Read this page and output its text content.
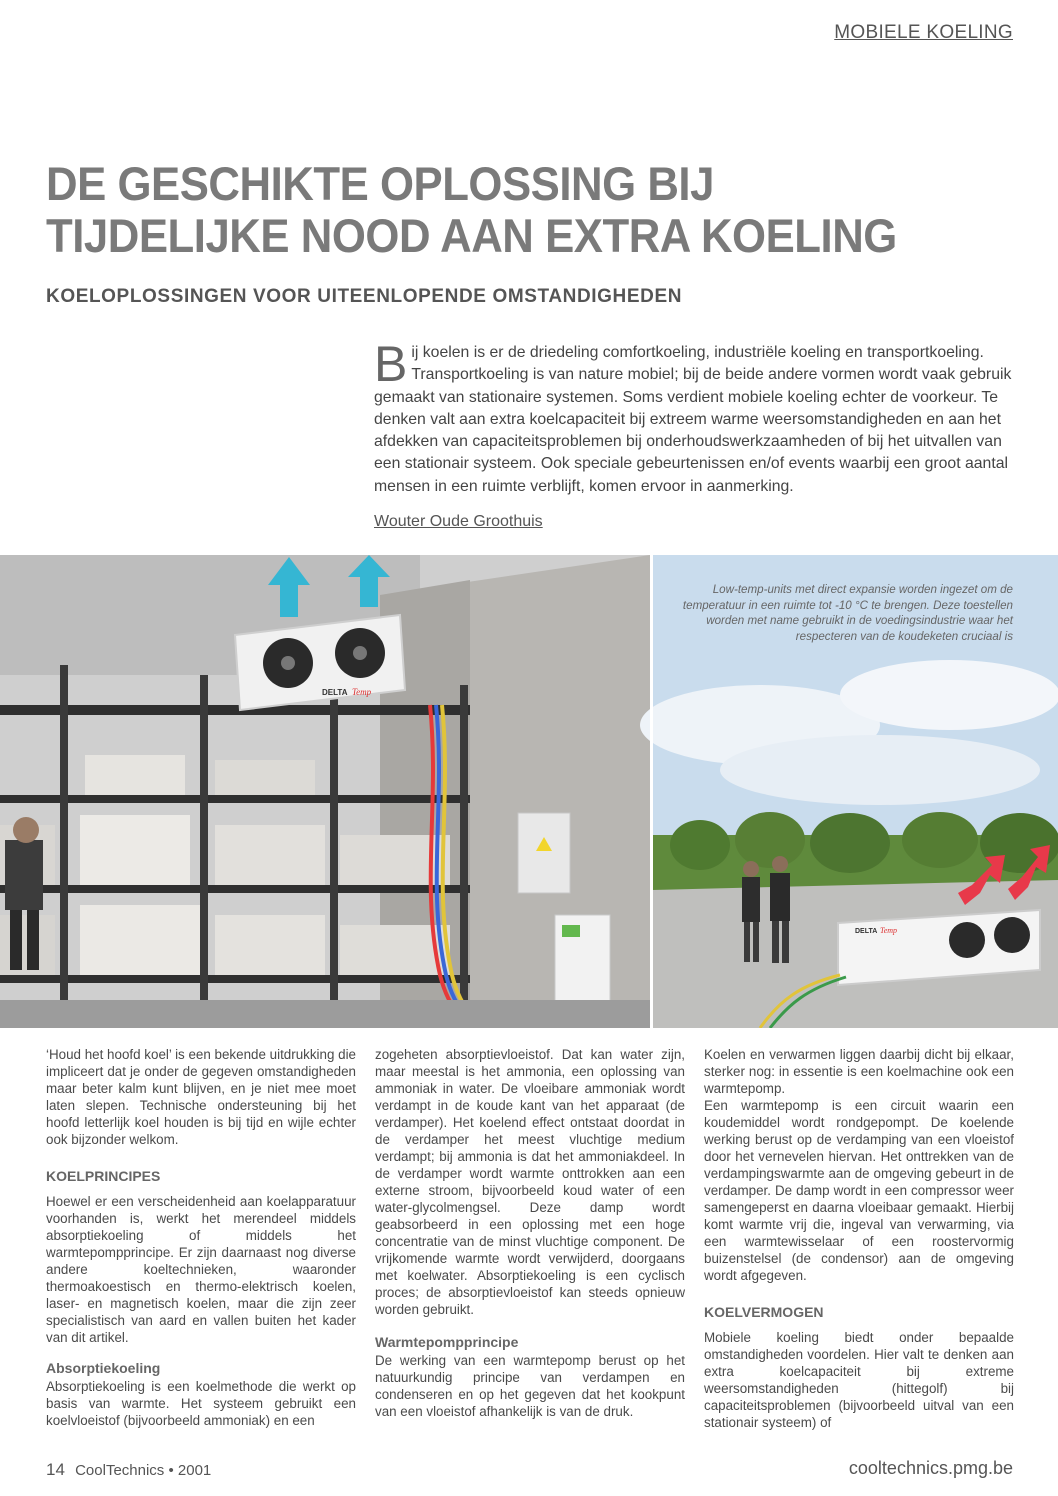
MOBIELE KOELING

DE GESCHIKTE OPLOSSING BIJ TIJDELIJKE NOOD AAN EXTRA KOELING
KOELOPLOSSINGEN VOOR UITEENLOPENDE OMSTANDIGHEDEN

Bij koelen is er de driedeling comfortkoeling, industriële koeling en transportkoeling. Transportkoeling is van nature mobiel; bij de beide andere vormen wordt vaak gebruik gemaakt van stationaire systemen. Soms verdient mobiele koeling echter de voorkeur. Te denken valt aan extra koelcapaciteit bij extreem warme weersomstandigheden en aan het afdekken van capaciteitsproblemen bij onderhoudswerkzaamheden of bij het uitvallen van een stationair systeem. Ook speciale gebeurtenissen en/of events waarbij een groot aantal mensen in een ruimte verblijft, komen ervoor in aanmerking.

Wouter Oude Groothuis

DELTA Temp
DELTA Temp

Low-temp-units met direct expansie worden ingezet om de temperatuur in een ruimte tot -10 °C te brengen. Deze toestellen worden met name gebruikt in de voedingsindustrie waar het respecteren van de koudeketen cruciaal is

‘Houd het hoofd koel’ is een bekende uitdrukking die impliceert dat je onder de gegeven omstandigheden maar beter kalm kunt blijven, en je niet mee moet laten slepen. Technische ondersteuning bij het hoofd letterlijk koel houden is bij tijd en wijle echter ook bijzonder welkom.

KOELPRINCIPES

Hoewel er een verscheidenheid aan koelapparatuur voorhanden is, werkt het merendeel middels absorptiekoeling of middels het warmtepompprincipe. Er zijn daarnaast nog diverse andere koeltechnieken, waaronder thermoakoestisch en thermo-elektrisch koelen, laser- en magnetisch koelen, maar die zijn zeer specialistisch van aard en vallen buiten het kader van dit artikel.

Absorptiekoeling

Absorptiekoeling is een koelmethode die werkt op basis van warmte. Het systeem gebruikt een koelvloeistof (bijvoorbeeld ammoniak) en een

zogeheten absorptievloeistof. Dat kan water zijn, maar meestal is het ammonia, een oplossing van ammoniak in water. De vloeibare ammoniak wordt verdampt in de koude kant van het apparaat (de verdamper). Het koelend effect ontstaat doordat in de verdamper het meest vluchtige medium verdampt; bij ammonia is dat het ammoniakdeel. In de verdamper wordt warmte onttrokken aan een externe stroom, bijvoorbeeld koud water of een water-glycolmengsel. Deze damp wordt geabsorbeerd in een oplossing met een hoge concentratie van de minst vluchtige component. De vrijkomende warmte wordt verwijderd, doorgaans met koelwater. Absorptiekoeling is een cyclisch proces; de absorptievloeistof kan steeds opnieuw worden gebruikt.

Warmtepompprincipe

De werking van een warmtepomp berust op het natuurkundig principe van verdampen en condenseren en op het gegeven dat het kookpunt van een vloeistof afhankelijk is van de druk.

Koelen en verwarmen liggen daarbij dicht bij elkaar, sterker nog: in essentie is een koelmachine ook een warmtepomp.

Een warmtepomp is een circuit waarin een koudemiddel wordt rondgepompt. De koelende werking berust op de verdamping van een vloeistof door het vernevelen hiervan. Het onttrekken van de verdampingswarmte aan de omgeving gebeurt in de verdamper. De damp wordt in een compressor weer samengeperst en daarna vloeibaar gemaakt. Hierbij komt warmte vrij die, ingeval van verwarming, via een warmtewisselaar of een roostervormig buizenstelsel (de condensor) aan de omgeving wordt afgegeven.

KOELVERMOGEN

Mobiele koeling biedt onder bepaalde omstandigheden voordelen. Hier valt te denken aan extra koelcapaciteit bij extreme weersomstandigheden (hittegolf) bij capaciteitsproblemen (bijvoorbeeld uitval van een stationair systeem) of

14 CoolTechnics • 2001	cooltechnics.pmg.be
